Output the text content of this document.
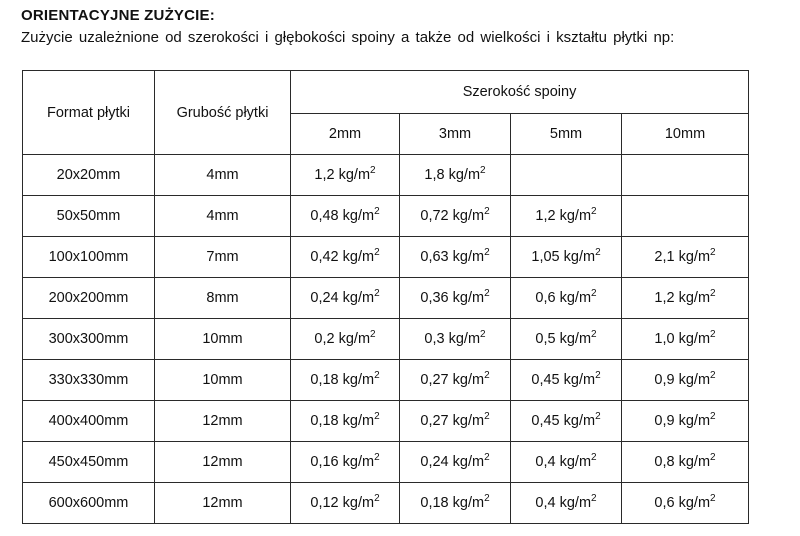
ORIENTACYJNE ZUŻYCIE:
Zużycie uzależnione od szerokości i głębokości spoiny a także od wielkości i kształtu płytki np:
Format płytki	Grubość płytki	Szerokość spoiny			
		2mm	3mm	5mm	10mm
20x20mm	4mm	1,2 $kg/m^2$	1,8 $kg/m^2$		
50x50mm	4mm	0,48 $kg/m^2$	0,72 $kg/m^2$	1,2 $kg/m^2$	
100x100mm	7mm	0,42 $kg/m^2$	0,63 $kg/m^2$	1,05 $kg/m^2$	2,1 $kg/m^2$
200x200mm	8mm	0,24 $kg/m^2$	0,36 $kg/m^2$	0,6 $kg/m^2$	1,2 $kg/m^2$
300x300mm	10mm	0,2 $kg/m^2$	0,3 $kg/m^2$	0,5 $kg/m^2$	1,0 $kg/m^2$
330x330mm	10mm	0,18 $kg/m^2$	0,27 $kg/m^2$	0,45 $kg/m^2$	0,9 $kg/m^2$
400x400mm	12mm	0,18 $kg/m^2$	0,27 $kg/m^2$	0,45 $kg/m^2$	0,9 $kg/m^2$
450x450mm	12mm	0,16 $kg/m^2$	0,24 $kg/m^2$	0,4 $kg/m^2$	0,8 $kg/m^2$
600x600mm	12mm	0,12 $kg/m^2$	0,18 $kg/m^2$	0,4 $kg/m^2$	0,6 $kg/m^2$
